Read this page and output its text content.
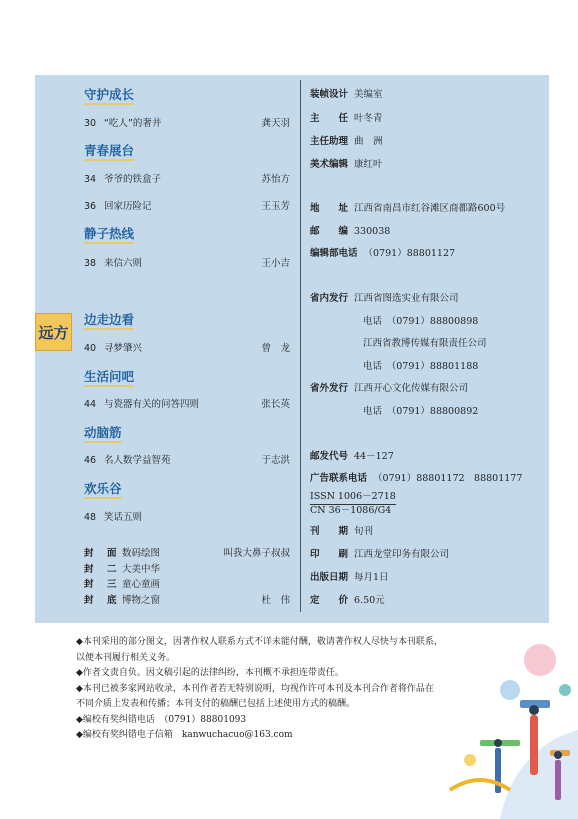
远方
守护成长
30 “吃人”的奢井	龚天羽
青春展台
34 爷爷的铁盒子	苏怡方
36 回家历险记	王玉芳
静子热线
38 来信六则	王小吉
边走边看
40 寻梦肇兴	曾　龙
生活问吧
44 与瓷器有关的问答四则	张长英
动脑筋
46 名人数学益智苑	于志洪
欢乐谷
48 笑话五则
封　面 数码绘图	叫我大鼻子叔叔
封　二 大美中华
封　三 童心童画
封　底 博物之窗	杜　伟
装帧设计 美编室
主　　任 叶冬青
主任助理 曲　洲
美术编辑 康红叶
地　　址 江西省南昌市红谷滩区商都路600号
邮　　编 330038
编辑部电话 （0791）88801127
省内发行 江西省图选实业有限公司
电话　（0791）88800898
江西省教博传媒有限责任公司
电话　（0791）88801188
省外发行 江西开心文化传媒有限公司
电话　（0791）88800892
邮发代号 44－127
广告联系电话 （0791）88801172　88801177
ISSN 1006－2718
CN 36－1086/G4
刊　　期 旬刊
印　　刷 江西龙堂印务有限公司
出版日期 每月1日
定　　价 6.50元
◆本刊采用的部分图文，因著作权人联系方式不详未能付酬，敬请著作权人尽快与本刊联系，
以便本刊履行相关义务。
◆作者文责自负。因文稿引起的法律纠纷，本刊概不承担连带责任。
◆本刊已被多家网站收录，本刊作者若无特别说明，均视作许可本刊及本刊合作者将作品在
不同介质上发表和传播；本刊支付的稿酬已包括上述使用方式的稿酬。
◆编校有奖纠错电话　（0791）88801093
◆编校有奖纠错电子信箱　kanwuchacuo@163.com
